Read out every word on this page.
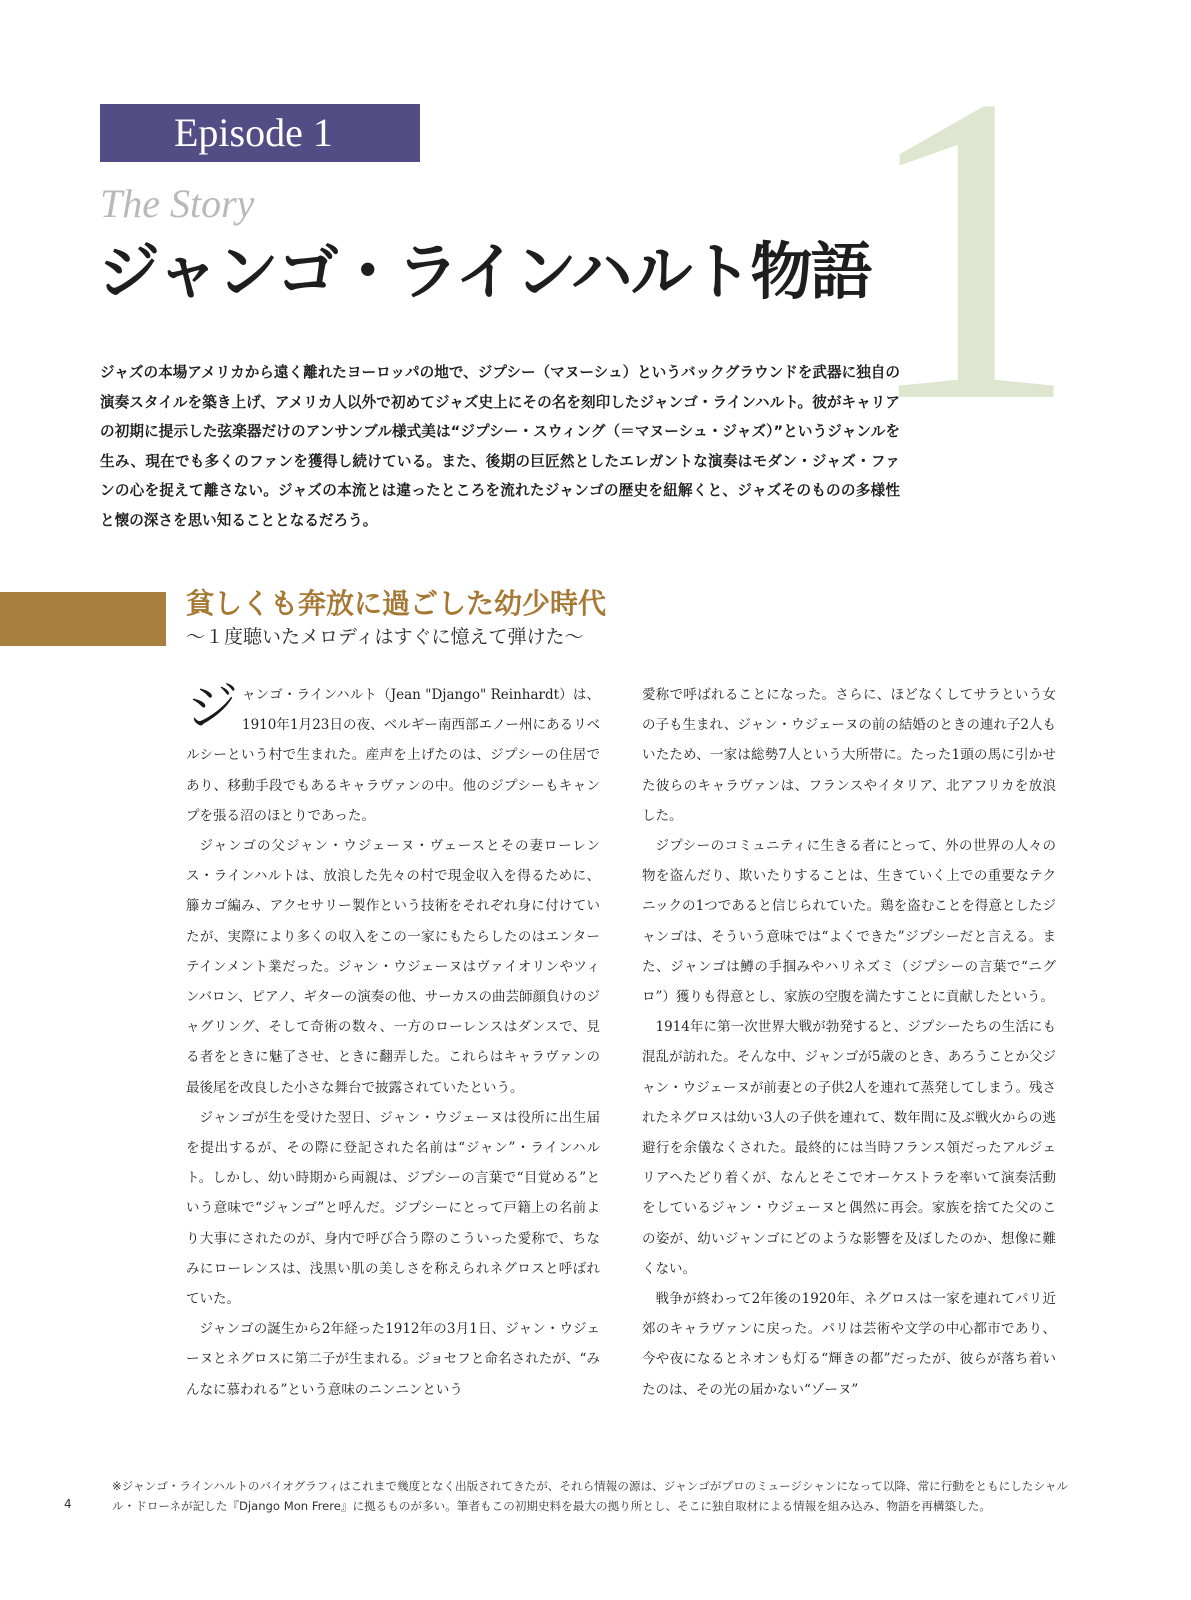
1
Episode 1
The Story
ジャンゴ・ラインハルト物語

ジャズの本場アメリカから遠く離れたヨーロッパの地で、ジプシー（マヌーシュ）というバックグラウンドを武器に独自の演奏スタイルを築き上げ、アメリカ人以外で初めてジャズ史上にその名を刻印したジャンゴ・ラインハルト。彼がキャリアの初期に提示した弦楽器だけのアンサンブル様式美は“ジプシー・スウィング（＝マヌーシュ・ジャズ）”というジャンルを生み、現在でも多くのファンを獲得し続けている。また、後期の巨匠然としたエレガントな演奏はモダン・ジャズ・ファンの心を捉えて離さない。ジャズの本流とは違ったところを流れたジャンゴの歴史を紐解くと、ジャズそのものの多様性と懐の深さを思い知ることとなるだろう。

貧しくも奔放に過ごした幼少時代
〜１度聴いたメロディはすぐに憶えて弾けた〜

ジャンゴ・ラインハルト（Jean "Django" Reinhardt）は、1910年1月23日の夜、ベルギー南西部エノー州にあるリベルシーという村で生まれた。産声を上げたのは、ジプシーの住居であり、移動手段でもあるキャラヴァンの中。他のジプシーもキャンプを張る沼のほとりであった。

ジャンゴの父ジャン・ウジェーヌ・ヴェースとその妻ローレンス・ラインハルトは、放浪した先々の村で現金収入を得るために、籐カゴ編み、アクセサリー製作という技術をそれぞれ身に付けていたが、実際により多くの収入をこの一家にもたらしたのはエンターテインメント業だった。ジャン・ウジェーヌはヴァイオリンやツィンバロン、ピアノ、ギターの演奏の他、サーカスの曲芸師顔負けのジャグリング、そして奇術の数々、一方のローレンスはダンスで、見る者をときに魅了させ、ときに翻弄した。これらはキャラヴァンの最後尾を改良した小さな舞台で披露されていたという。

ジャンゴが生を受けた翌日、ジャン・ウジェーヌは役所に出生届を提出するが、その際に登記された名前は“ジャン”・ラインハルト。しかし、幼い時期から両親は、ジプシーの言葉で“目覚める”という意味で“ジャンゴ”と呼んだ。ジプシーにとって戸籍上の名前より大事にされたのが、身内で呼び合う際のこういった愛称で、ちなみにローレンスは、浅黒い肌の美しさを称えられネグロスと呼ばれていた。

ジャンゴの誕生から2年経った1912年の3月1日、ジャン・ウジェーヌとネグロスに第二子が生まれる。ジョセフと命名されたが、“みんなに慕われる”という意味のニンニンという

愛称で呼ばれることになった。さらに、ほどなくしてサラという女の子も生まれ、ジャン・ウジェーヌの前の結婚のときの連れ子2人もいたため、一家は総勢7人という大所帯に。たった1頭の馬に引かせた彼らのキャラヴァンは、フランスやイタリア、北アフリカを放浪した。

ジプシーのコミュニティに生きる者にとって、外の世界の人々の物を盗んだり、欺いたりすることは、生きていく上での重要なテクニックの1つであると信じられていた。鶏を盗むことを得意としたジャンゴは、そういう意味では“よくできた”ジプシーだと言える。また、ジャンゴは鱒の手掴みやハリネズミ（ジプシーの言葉で“ニグロ”）獲りも得意とし、家族の空腹を満たすことに貢献したという。

1914年に第一次世界大戦が勃発すると、ジプシーたちの生活にも混乱が訪れた。そんな中、ジャンゴが5歳のとき、あろうことか父ジャン・ウジェーヌが前妻との子供2人を連れて蒸発してしまう。残されたネグロスは幼い3人の子供を連れて、数年間に及ぶ戦火からの逃避行を余儀なくされた。最終的には当時フランス領だったアルジェリアへたどり着くが、なんとそこでオーケストラを率いて演奏活動をしているジャン・ウジェーヌと偶然に再会。家族を捨てた父のこの姿が、幼いジャンゴにどのような影響を及ぼしたのか、想像に難くない。

戦争が終わって2年後の1920年、ネグロスは一家を連れてパリ近郊のキャラヴァンに戻った。パリは芸術や文学の中心都市であり、今や夜になるとネオンも灯る“輝きの都”だったが、彼らが落ち着いたのは、その光の届かない“ゾーヌ”

4

※ジャンゴ・ラインハルトのバイオグラフィはこれまで幾度となく出版されてきたが、それら情報の源は、ジャンゴがプロのミュージシャンになって以降、常に行動をともにしたシャルル・ドローネが記した『Django Mon Frere』に拠るものが多い。筆者もこの初期史料を最大の拠り所とし、そこに独自取材による情報を組み込み、物語を再構築した。
